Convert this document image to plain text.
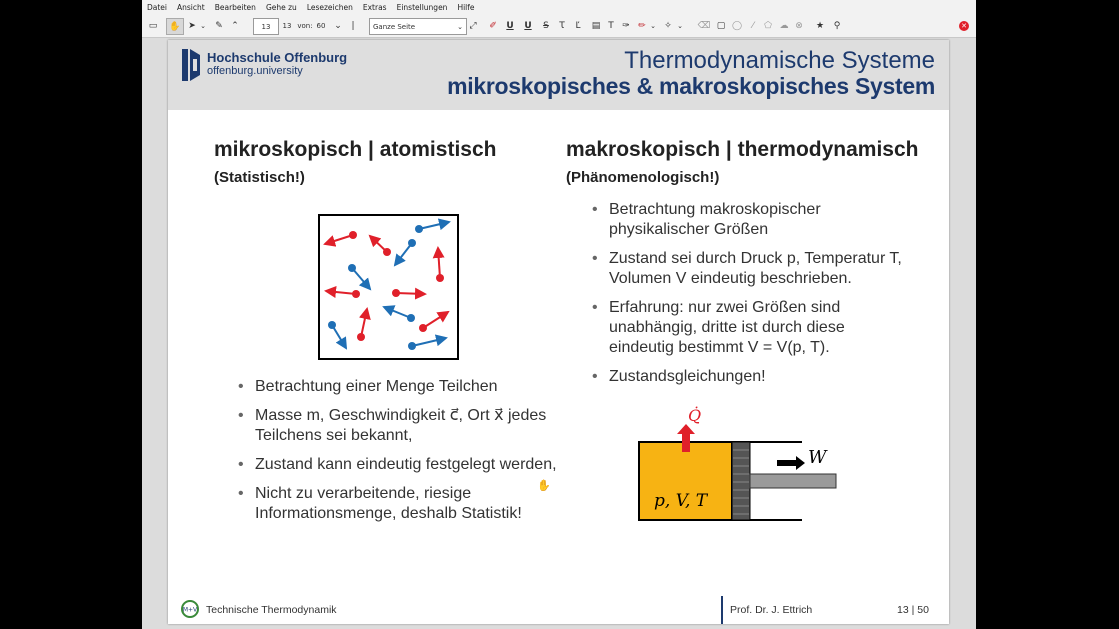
Datei Ansicht Bearbeiten Gehe zu Lesezeichen Extras Einstellungen Hilfe
▭	✋ ➤ ⌄	✎ ⌃	13	13 von: 60 ⌄	|	Ganze Seite	⌄ ⤢ ✐ U U	S	Ꚍ	Ľ	▤ T ✑ ✏ ⌄ ✧ ⌄ ⌫ ▢ ◯	⁄	⬠ ☁ ⊗ ★	⚲	✕
Hochschule Offenburg
offenburg.university	Thermodynamische Systeme
mikroskopisches & makroskopisches System
mikroskopisch | atomistisch
(Statistisch!)
• Betrachtung einer Menge Teilchen
• Masse m, Geschwindigkeit c⃗, Ort x⃗ jedes Teilchens sei bekannt,
• Zustand kann eindeutig festgelegt werden,
• Nicht zu verarbeitende, riesige Informationsmenge, deshalb Statistik!
makroskopisch | thermodynamisch
(Phänomenologisch!)
• Betrachtung makroskopischer physikalischer Größen
• Zustand sei durch Druck p, Temperatur T, Volumen V eindeutig beschrieben.
• Erfahrung: nur zwei Größen sind unabhängig, dritte ist durch diese eindeutig bestimmt V = V(p, T).
• Zustandsgleichungen!
Q̇
W
p, V, T
M+V Technische Thermodynamik	Prof. Dr. J. Ettrich	13 | 50
✋
